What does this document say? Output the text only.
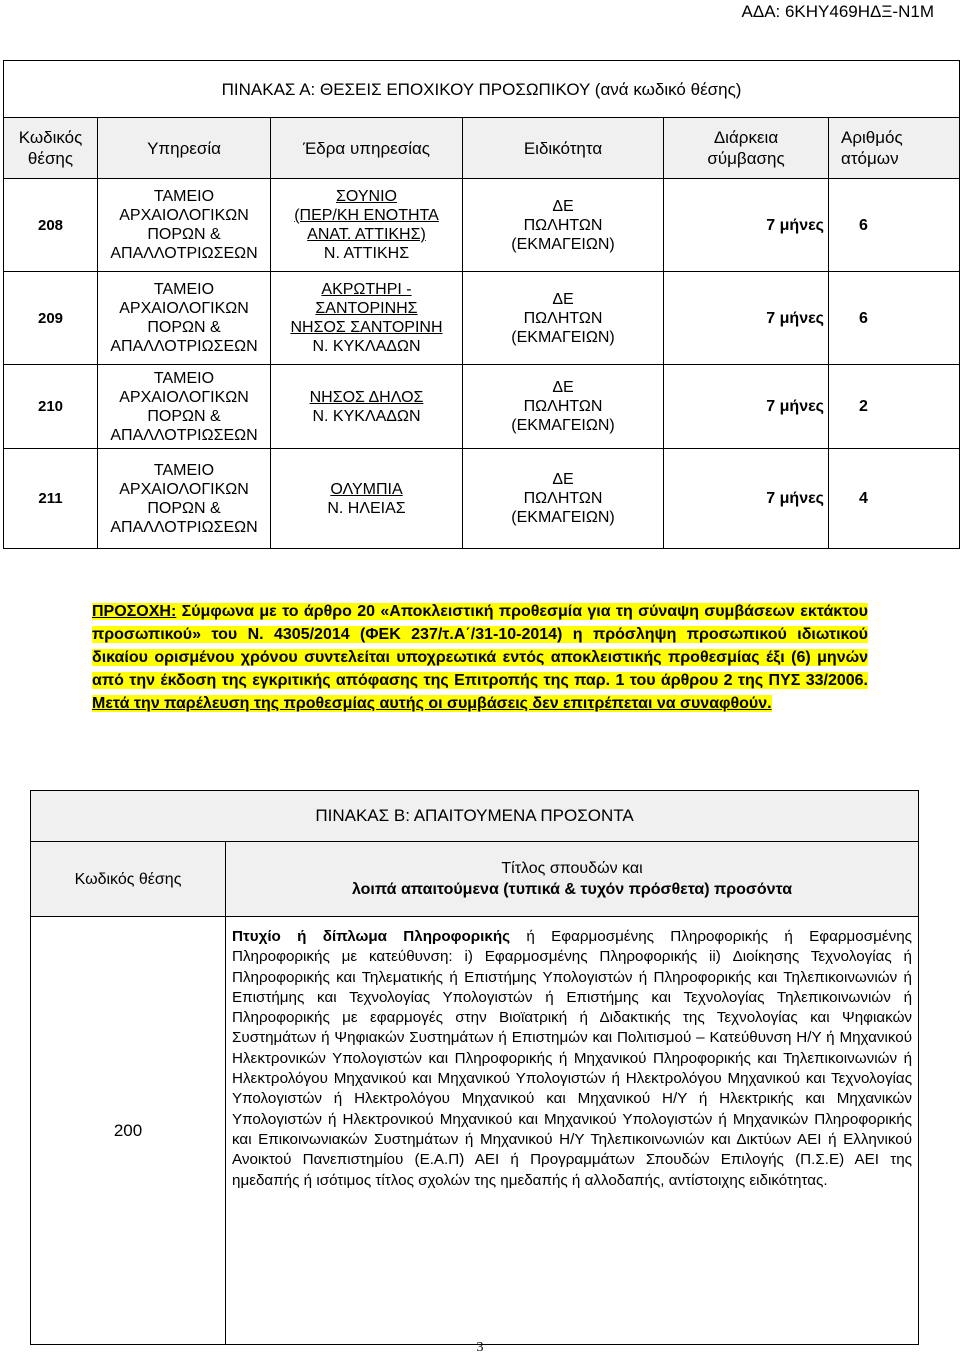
ΑΔΑ: 6ΚΗΥ469ΗΔΞ-Ν1Μ
ΠΙΝΑΚΑΣ Α: ΘΕΣΕΙΣ ΕΠΟΧΙΚΟΥ ΠΡΟΣΩΠΙΚΟΥ (ανά κωδικό θέσης)					
Κωδικός
θέσης	Υπηρεσία	Έδρα υπηρεσίας	Ειδικότητα	Διάρκεια
σύμβασης	Αριθμός
ατόμων
208	ΤΑΜΕΙΟ ΑΡΧΑΙΟΛΟΓΙΚΩΝ
ΠΟΡΩΝ &
ΑΠΑΛΛΟΤΡΙΩΣΕΩΝ	ΣΟΥΝΙΟ
(ΠΕΡ/ΚΗ ΕΝΟΤΗΤΑ
ΑΝΑΤ. ΑΤΤΙΚΗΣ)
Ν. ΑΤΤΙΚΗΣ	ΔΕ
ΠΩΛΗΤΩΝ
(ΕΚΜΑΓΕΙΩΝ)	7 μήνες	6
209	ΤΑΜΕΙΟ ΑΡΧΑΙΟΛΟΓΙΚΩΝ
ΠΟΡΩΝ &
ΑΠΑΛΛΟΤΡΙΩΣΕΩΝ	ΑΚΡΩΤΗΡΙ -
ΣΑΝΤΟΡΙΝΗΣ
ΝΗΣΟΣ ΣΑΝΤΟΡΙΝΗ
Ν. ΚΥΚΛΑΔΩΝ	ΔΕ
ΠΩΛΗΤΩΝ
(ΕΚΜΑΓΕΙΩΝ)	7 μήνες	6
210	ΤΑΜΕΙΟ ΑΡΧΑΙΟΛΟΓΙΚΩΝ
ΠΟΡΩΝ &
ΑΠΑΛΛΟΤΡΙΩΣΕΩΝ	ΝΗΣΟΣ ΔΗΛΟΣ
Ν. ΚΥΚΛΑΔΩΝ	ΔΕ
ΠΩΛΗΤΩΝ
(ΕΚΜΑΓΕΙΩΝ)	7 μήνες	2
211	ΤΑΜΕΙΟ ΑΡΧΑΙΟΛΟΓΙΚΩΝ
ΠΟΡΩΝ &
ΑΠΑΛΛΟΤΡΙΩΣΕΩΝ	ΟΛΥΜΠΙΑ
Ν. ΗΛΕΙΑΣ	ΔΕ
ΠΩΛΗΤΩΝ
(ΕΚΜΑΓΕΙΩΝ)	7 μήνες	4
ΠΡΟΣΟΧΗ: Σύμφωνα με το άρθρο 20 «Αποκλειστική προθεσμία για τη σύναψη συμβάσεων εκτάκτου προσωπικού» του Ν. 4305/2014 (ΦΕΚ 237/τ.Α΄/31-10-2014) η πρόσληψη προσωπικού ιδιωτικού δικαίου ορισμένου χρόνου συντελείται υποχρεωτικά εντός αποκλειστικής προθεσμίας έξι (6) μηνών από την έκδοση της εγκριτικής απόφασης της Επιτροπής της παρ. 1 του άρθρου 2 της ΠΥΣ 33/2006. Μετά την παρέλευση της προθεσμίας αυτής οι συμβάσεις δεν επιτρέπεται να συναφθούν.
ΠΙΝΑΚΑΣ Β: ΑΠΑΙΤΟΥΜΕΝΑ ΠΡΟΣΟΝΤΑ	
Κωδικός θέσης	Τίτλος σπουδών και
λοιπά απαιτούμενα (τυπικά & τυχόν πρόσθετα) προσόντα
200	Πτυχίο ή δίπλωμα Πληροφορικής ή Εφαρμοσμένης Πληροφορικής ή Εφαρμοσμένης Πληροφορικής με κατεύθυνση: i) Εφαρμοσμένης Πληροφορικής ii) Διοίκησης Τεχνολογίας ή Πληροφορικής και Τηλεματικής ή Επιστήμης Υπολογιστών ή Πληροφορικής και Τηλεπικοινωνιών ή Επιστήμης και Τεχνολογίας Υπολογιστών ή Επιστήμης και Τεχνολογίας Τηλεπικοινωνιών ή Πληροφορικής με εφαρμογές στην Βιοϊατρική ή Διδακτικής της Τεχνολογίας και Ψηφιακών Συστημάτων ή Ψηφιακών Συστημάτων ή Επιστημών και Πολιτισμού – Κατεύθυνση Η/Υ ή Μηχανικού Ηλεκτρονικών Υπολογιστών και Πληροφορικής ή Μηχανικού Πληροφορικής και Τηλεπικοινωνιών ή Ηλεκτρολόγου Μηχανικού και Μηχανικού Υπολογιστών ή Ηλεκτρολόγου Μηχανικού και Τεχνολογίας Υπολογιστών ή Ηλεκτρολόγου Μηχανικού και Μηχανικού Η/Υ ή Ηλεκτρικής και Μηχανικών Υπολογιστών ή Ηλεκτρονικού Μηχανικού και Μηχανικού Υπολογιστών ή Μηχανικών Πληροφορικής και Επικοινωνιακών Συστημάτων ή Μηχανικού Η/Υ Τηλεπικοινωνιών και Δικτύων ΑΕΙ ή Ελληνικού Ανοικτού Πανεπιστημίου (Ε.Α.Π) ΑΕΙ ή Προγραμμάτων Σπουδών Επιλογής (Π.Σ.Ε) ΑΕΙ της ημεδαπής ή ισότιμος τίτλος σχολών της ημεδαπής ή αλλοδαπής, αντίστοιχης ειδικότητας.
3
